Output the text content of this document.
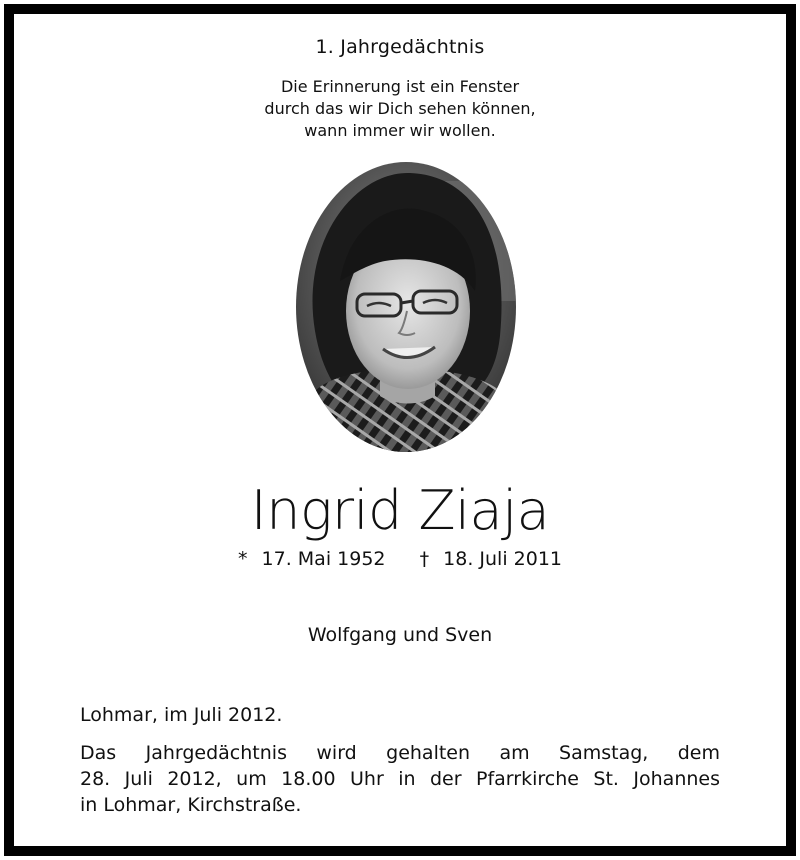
1. Jahrgedächtnis
Die Erinnerung ist ein Fenster
durch das wir Dich sehen können,
wann immer wir wollen.
Ingrid Ziaja
* 17. Mai 1952 † 18. Juli 2011
Wolfgang und Sven
Lohmar, im Juli 2012.
Das Jahrgedächtnis wird gehalten am Samstag, dem
28. Juli 2012, um 18.00 Uhr in der Pfarrkirche St. Johannes
in Lohmar, Kirchstraße.
